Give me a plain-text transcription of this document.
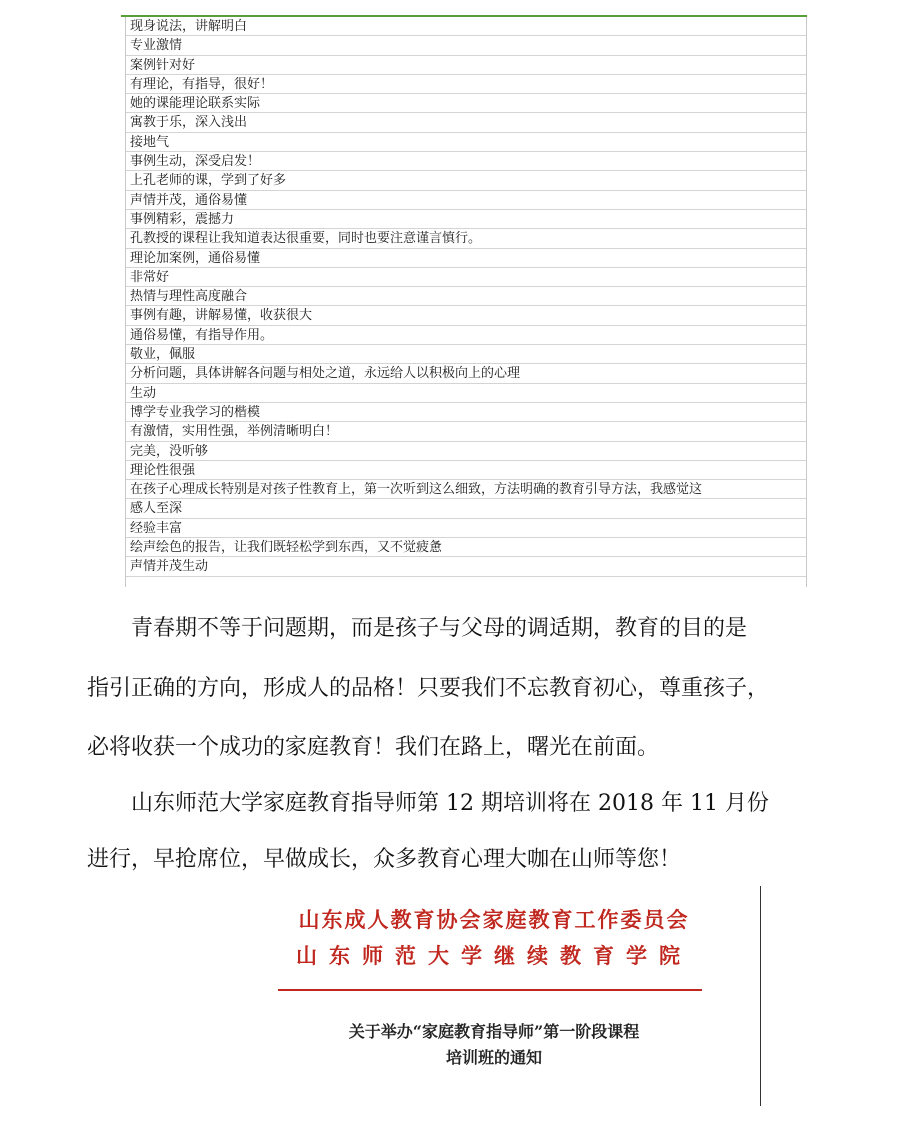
现身说法，讲解明白
专业激情
案例针对好
有理论，有指导，很好！
她的课能理论联系实际
寓教于乐，深入浅出
接地气
事例生动，深受启发！
上孔老师的课，学到了好多
声情并茂，通俗易懂
事例精彩，震撼力
孔教授的课程让我知道表达很重要，同时也要注意谨言慎行。
理论加案例，通俗易懂
非常好
热情与理性高度融合
事例有趣，讲解易懂，收获很大
通俗易懂，有指导作用。
敬业，佩服
分析问题，具体讲解各问题与相处之道，永远给人以积极向上的心理
生动
博学专业我学习的楷模
有激情，实用性强，举例清晰明白！
完美，没听够
理论性很强
在孩子心理成长特别是对孩子性教育上，第一次听到这么细致，方法明确的教育引导方法，我感觉这
感人至深
经验丰富
绘声绘色的报告，让我们既轻松学到东西，又不觉疲惫
声情并茂生动
　　青春期不等于问题期，而是孩子与父母的调适期，教育的目的是
指引正确的方向，形成人的品格！只要我们不忘教育初心，尊重孩子，
必将收获一个成功的家庭教育！我们在路上，曙光在前面。
　　山东师范大学家庭教育指导师第 12 期培训将在 2018 年 11 月份
进行，早抢席位，早做成长，众多教育心理大咖在山师等您！
山东成人教育协会家庭教育工作委员会
山东师范大学继续教育学院
关于举办“家庭教育指导师”第一阶段课程
培训班的通知
